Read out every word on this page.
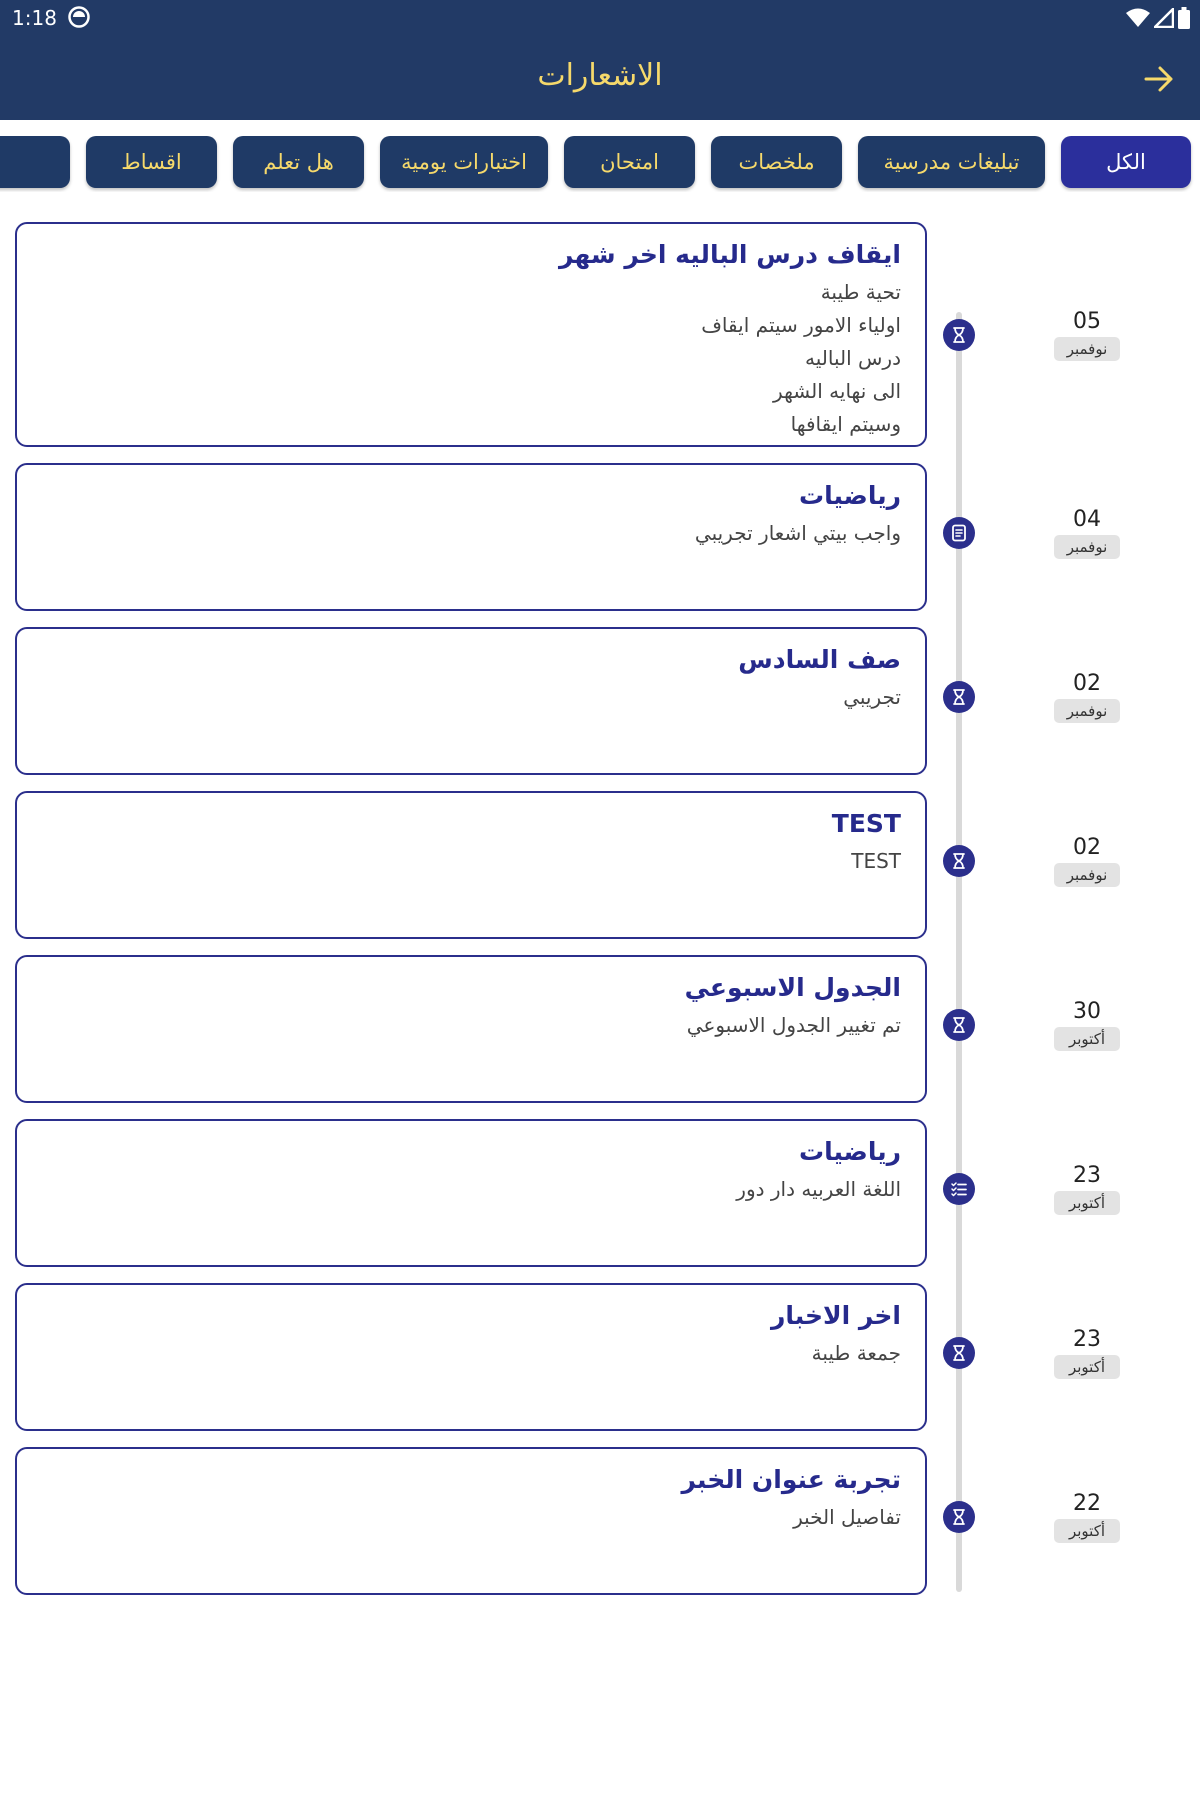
1:18
الاشعارات
الكل
تبليغات مدرسية
ملخصات
امتحان
اختبارات يومية
هل تعلم
اقساط
ايقاف درس الباليه اخر شهر
تحية طيبة
اولياء الامور سيتم ايقاف
درس الباليه
الى نهايه الشهر
وسيتم ايقافها
05
نوفمبر
رياضيات
واجب بيتي اشعار تجريبي
04
نوفمبر
صف السادس
تجريبي
02
نوفمبر
TEST
TEST
02
نوفمبر
الجدول الاسبوعي
تم تغيير الجدول الاسبوعي
30
أكتوبر
رياضيات
اللغة العربيه دار دور
23
أكتوبر
اخر الاخبار
جمعة طيبة
23
أكتوبر
تجربة عنوان الخبر
تفاصيل الخبر
22
أكتوبر
